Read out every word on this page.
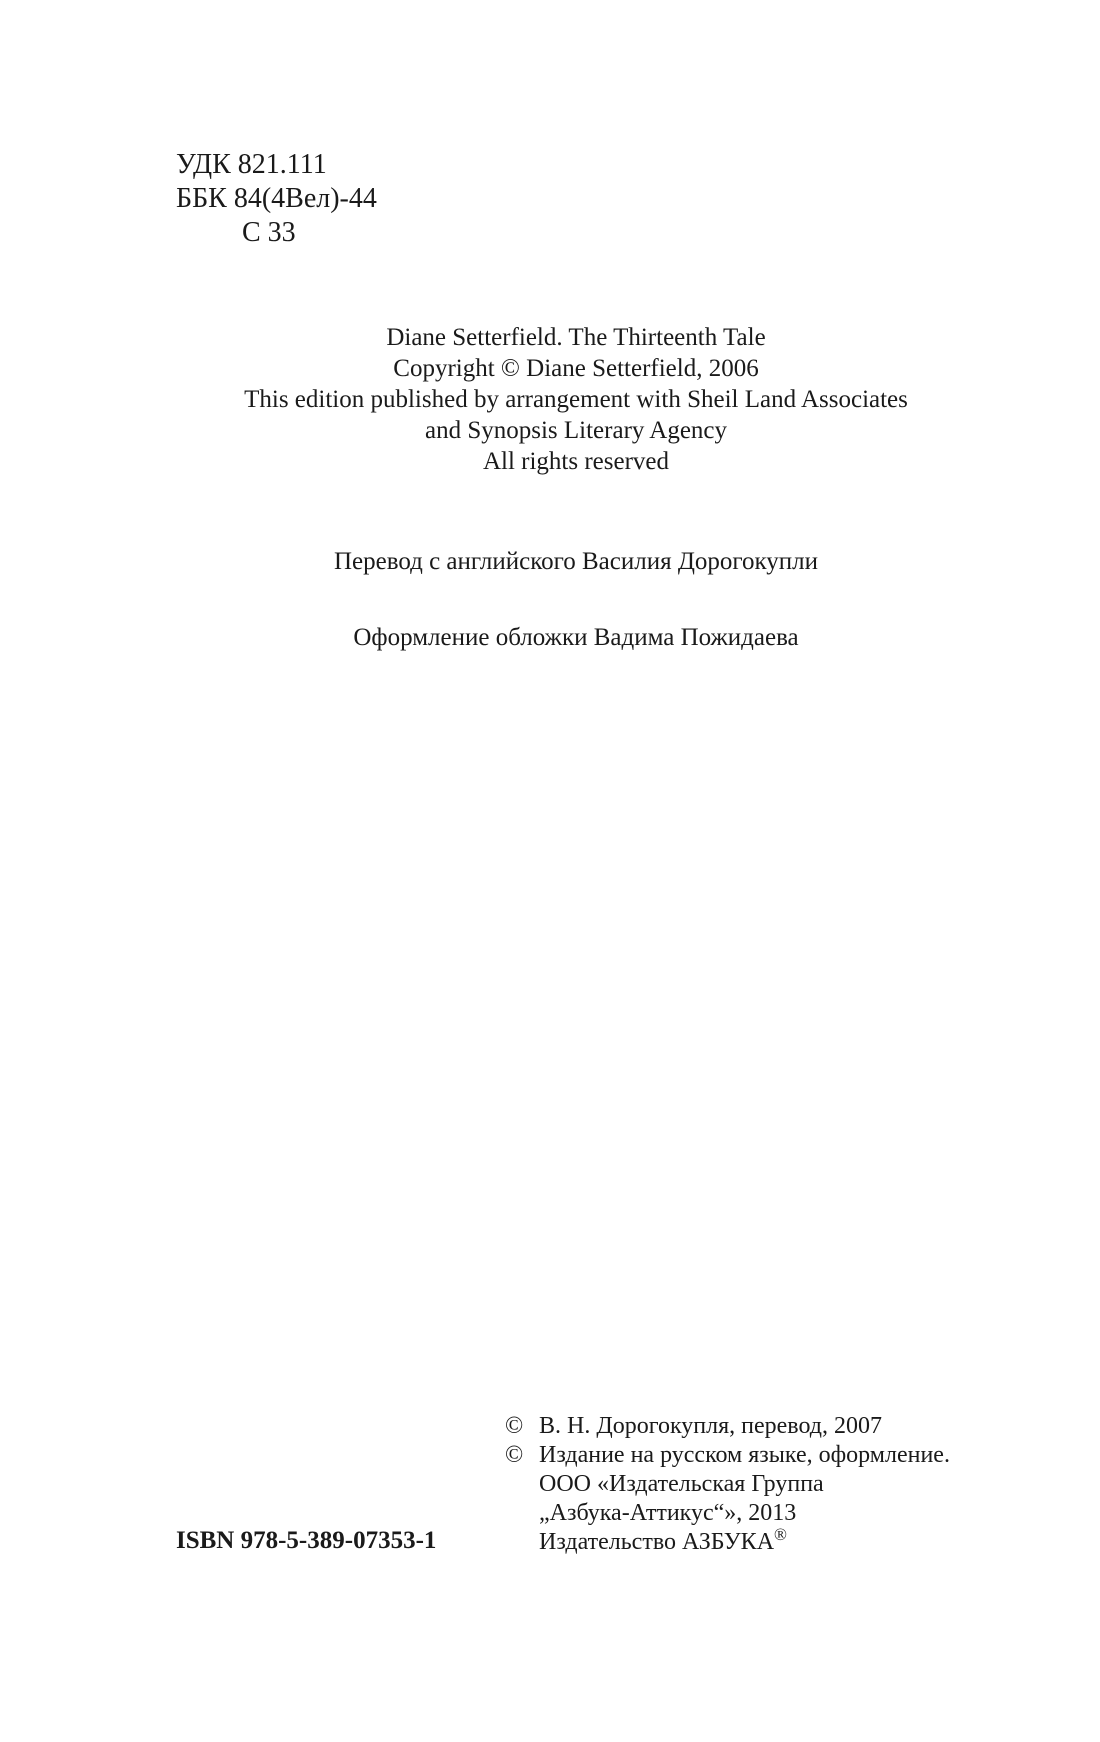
УДК 821.111
ББК 84(4Вел)-44
С 33
Diane Setterfield. The Thirteenth Tale
Copyright © Diane Setterfield, 2006
This edition published by arrangement with Sheil Land Associates
and Synopsis Literary Agency
All rights reserved
Перевод с английского Василия Дорогокупли
Оформление обложки Вадима Пожидаева
© В. Н. Дорогокупля, перевод, 2007
© Издание на русском языке, оформление.
ООО «Издательская Группа
„Азбука-Аттикус“», 2013
Издательство АЗБУКА®
ISBN 978-5-389-07353-1
